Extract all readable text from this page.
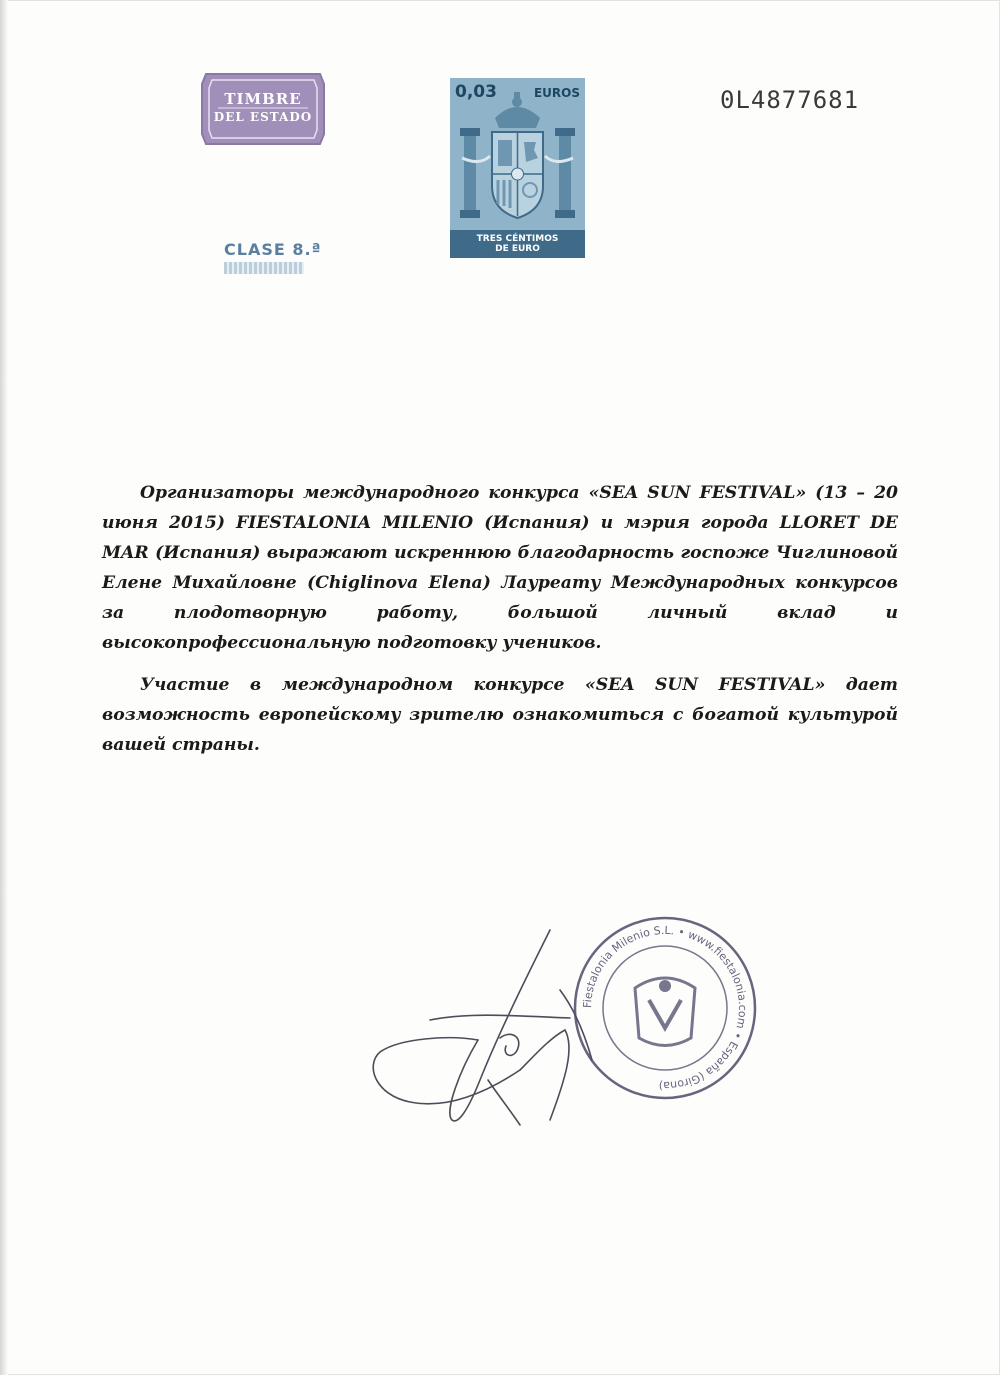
TIMBRE
DEL ESTADO
CLASE 8.ª
0,03	EUROS
TRES CÉNTIMOS
DE EURO
0L4877681

Организаторы международного конкурса «SEA SUN FESTIVAL» (13 – 20 июня 2015) FIESTALONIA MILENIO (Испания) и мэрия города LLORET DE MAR (Испания) выражают искреннюю благодарность госпоже Чиглиновой Елене Михайловне (Chiglinova Elena) Лауреату Международных конкурсов за плодотворную работу, большой личный вклад и высокопрофессиональную подготовку учеников.

Участие в международном конкурсе «SEA SUN FESTIVAL» дает возможность европейскому зрителю ознакомиться с богатой культурой вашей страны.

Fiestalonia Milenio S.L. • www.fiestalonia.com • España (Girona)
